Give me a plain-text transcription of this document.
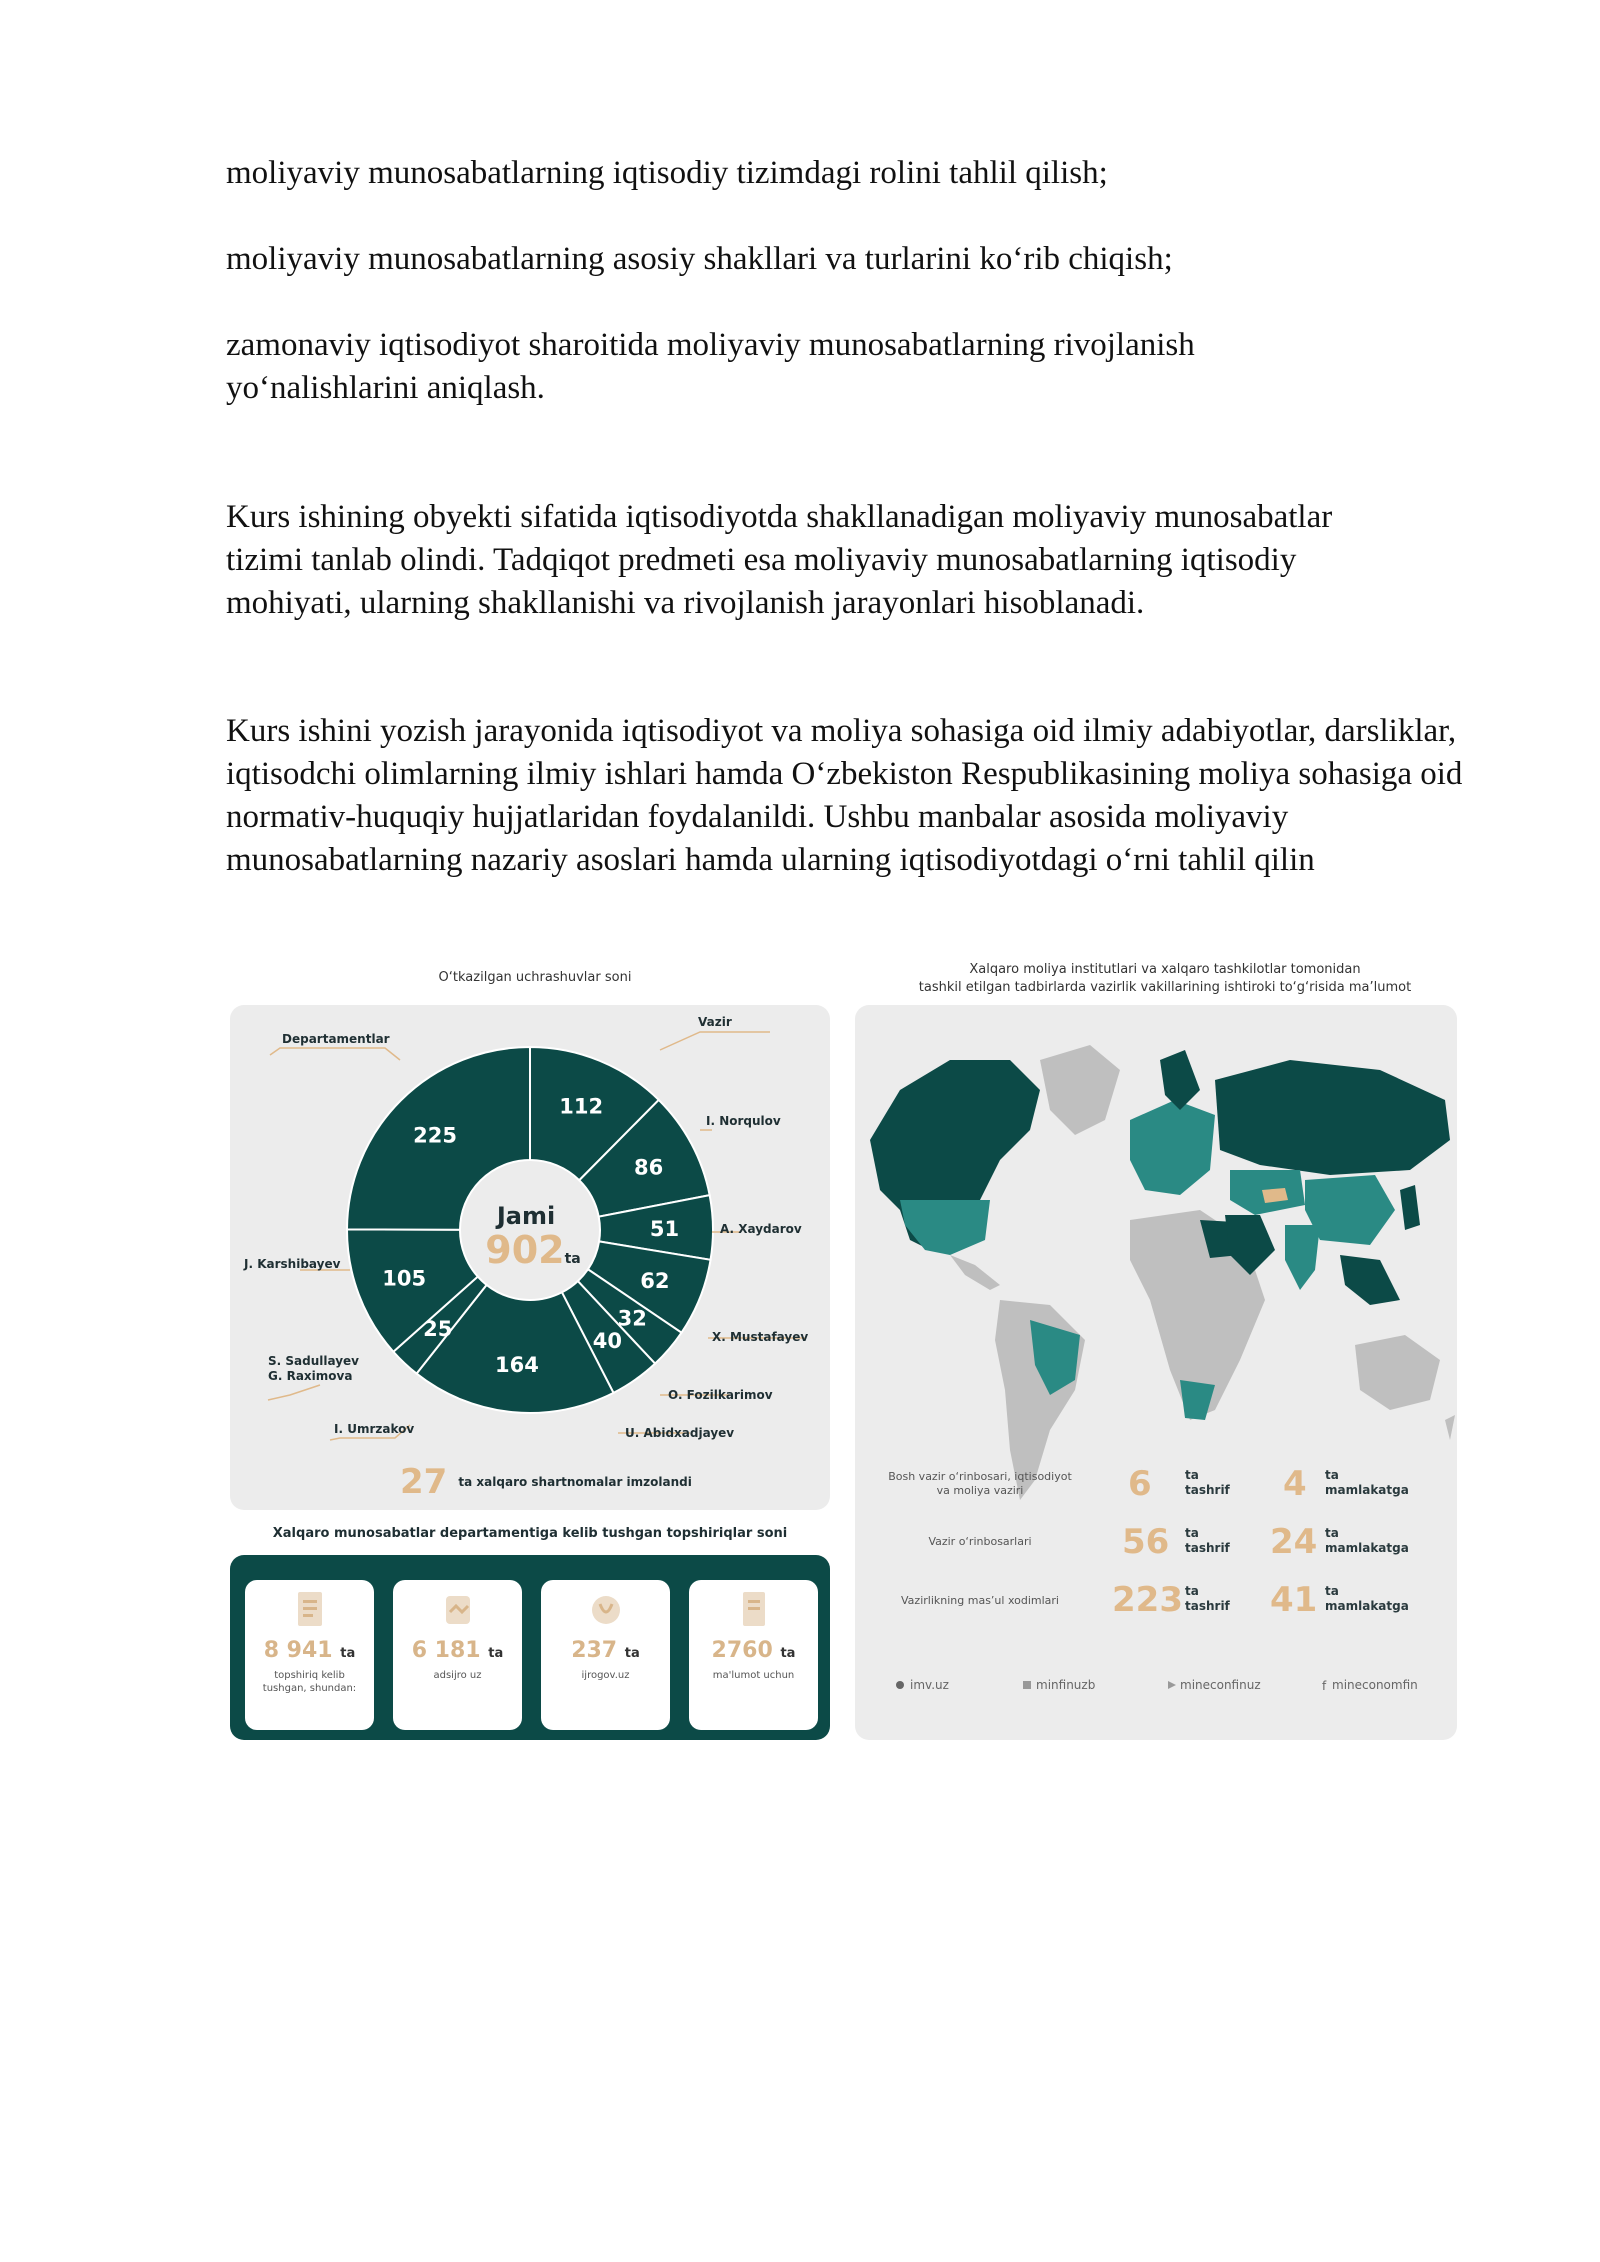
moliyaviy munosabatlarning iqtisodiy tizimdagi rolini tahlil qilish;

moliyaviy munosabatlarning asosiy shakllari va turlarini ko‘rib chiqish;

zamonaviy iqtisodiyot sharoitida moliyaviy munosabatlarning rivojlanish yo‘nalishlarini aniqlash.

Kurs ishining obyekti sifatida iqtisodiyotda shakllanadigan moliyaviy munosabatlar tizimi tanlab olindi. Tadqiqot predmeti esa moliyaviy munosabatlarning iqtisodiy mohiyati, ularning shakllanishi va rivojlanish jarayonlari hisoblanadi.

Kurs ishini yozish jarayonida iqtisodiyot va moliya sohasiga oid ilmiy adabiyotlar, darsliklar, iqtisodchi olimlarning ilmiy ishlari hamda O‘zbekiston Respublikasining moliya sohasiga oid normativ-huquqiy hujjatlaridan foydalanildi. Ushbu manbalar asosida moliyaviy munosabatlarning nazariy asoslari hamda ularning iqtisodiyotdagi o‘rni tahlil qilin

O‘tkazilgan uchrashuvlar soni
Xalqaro moliya institutlari va xalqaro tashkilotlar tomonidan
tashkil etilgan tadbirlarda vazirlik vakillarining ishtiroki to‘g‘risida ma’lumot
112
86
51
62
32
40
164
25
105
225
f
Departamentlar
Vazir
I. Norqulov
A. Xaydarov
X. Mustafayev
O. Fozilkarimov
U. Abidxadjayev
I. Umrzakov
S. Sadullayev G. Raximova
J. Karshibayev
Jami
902ta
27 ta xalqaro shartnomalar imzolandi
Xalqaro munosabatlar departamentiga kelib tushgan topshiriqlar soni
8 941 ta
topshiriq kelib tushgan, shundan:
6 181 ta
adsijro uz
237 ta
ijrogov.uz
2760 ta
ma'lumot uchun
Bosh vazir o‘rinbosari, iqtisodiyot va moliya vaziri	6	ta tashrif 4 ta mamlakatga
Vazir o‘rinbosarlari	56 ta tashrif 24 ta mamlakatga
Vazirlikning mas’ul xodimlari	223 ta tashrif 41 ta mamlakatga
imv.uz	minfinuzb	mineconfinuz	mineconomfin
